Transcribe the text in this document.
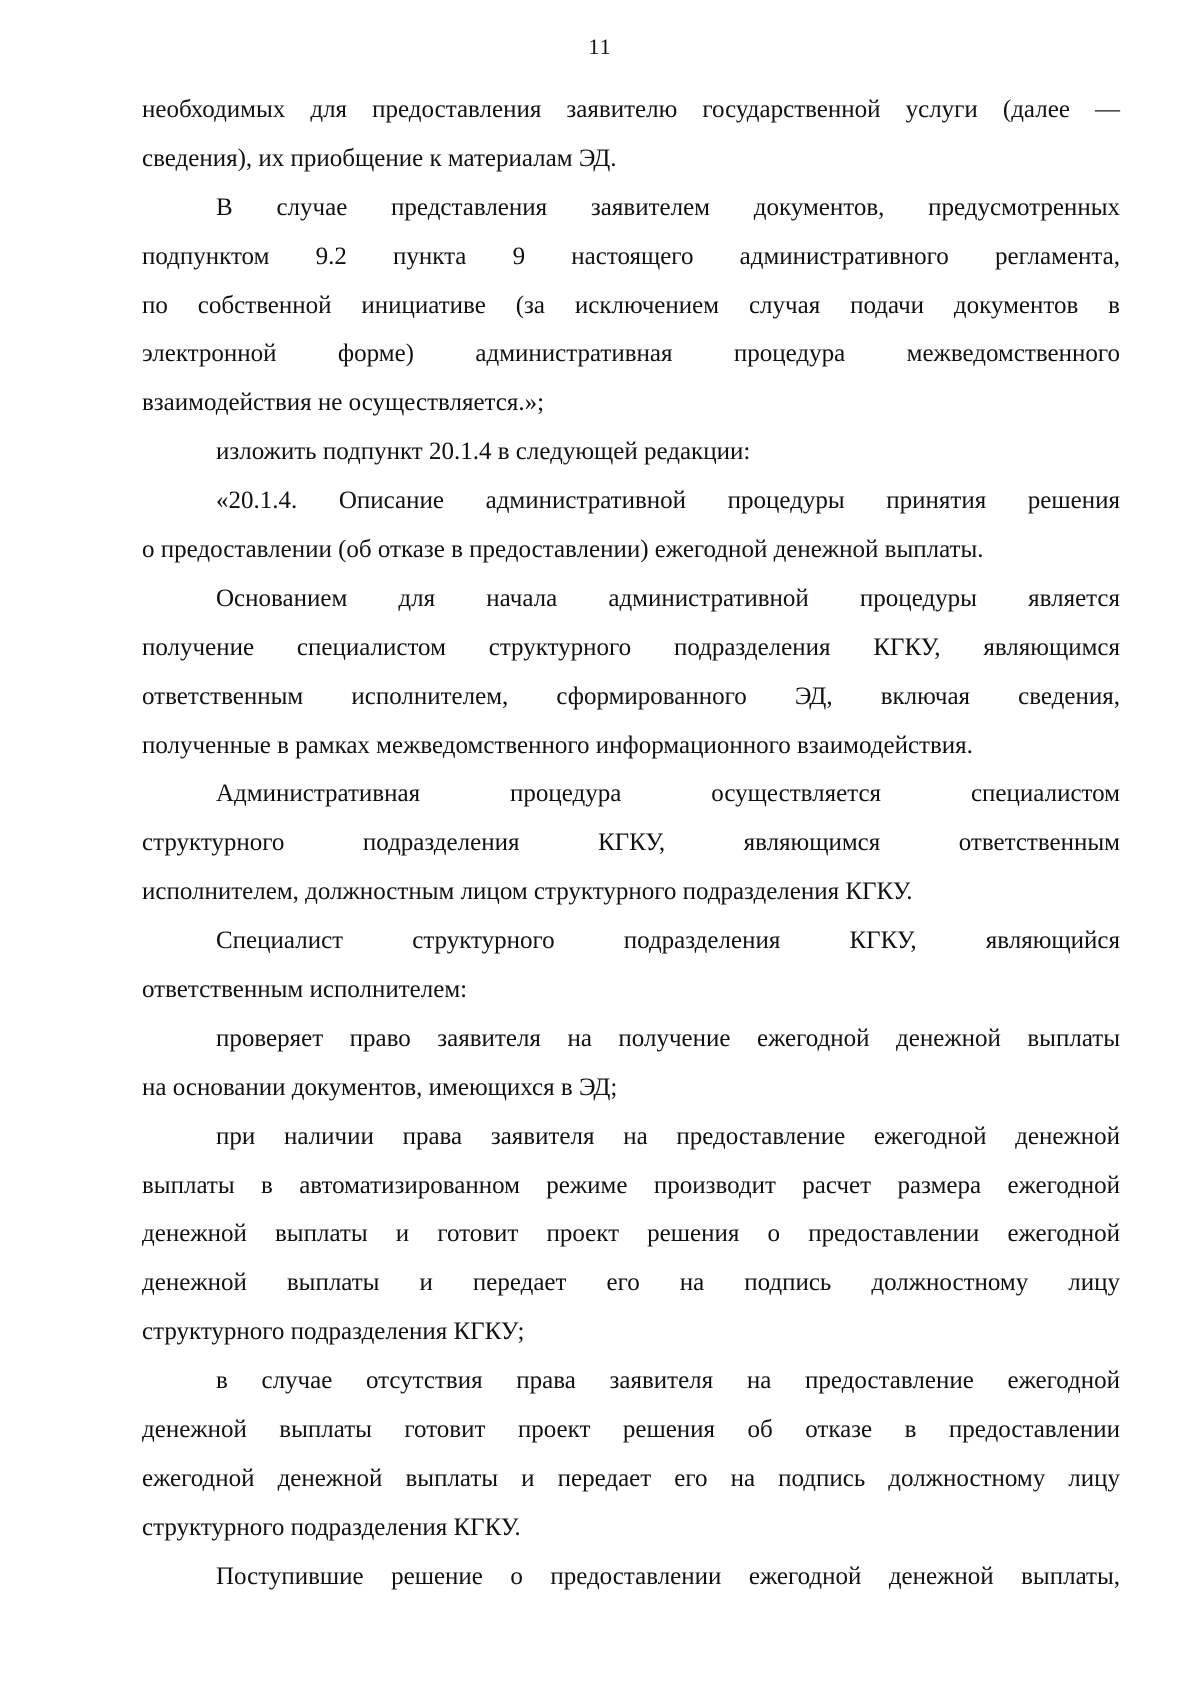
11
необходимых для предоставления заявителю государственной услуги (далее —
сведения), их приобщение к материалам ЭД.
В случае представления заявителем документов, предусмотренных
подпунктом 9.2 пункта 9 настоящего административного регламента,
по собственной инициативе (за исключением случая подачи документов в
электронной форме) административная процедура межведомственного
взаимодействия не осуществляется.»;
изложить подпункт 20.1.4 в следующей редакции:
«20.1.4. Описание административной процедуры принятия решения
о предоставлении (об отказе в предоставлении) ежегодной денежной выплаты.
Основанием для начала административной процедуры является
получение специалистом структурного подразделения КГКУ, являющимся
ответственным исполнителем, сформированного ЭД, включая сведения,
полученные в рамках межведомственного информационного взаимодействия.
Административная процедура осуществляется специалистом
структурного подразделения КГКУ, являющимся ответственным
исполнителем, должностным лицом структурного подразделения КГКУ.
Специалист структурного подразделения КГКУ, являющийся
ответственным исполнителем:
проверяет право заявителя на получение ежегодной денежной выплаты
на основании документов, имеющихся в ЭД;
при наличии права заявителя на предоставление ежегодной денежной
выплаты в автоматизированном режиме производит расчет размера ежегодной
денежной выплаты и готовит проект решения о предоставлении ежегодной
денежной выплаты и передает его на подпись должностному лицу
структурного подразделения КГКУ;
в случае отсутствия права заявителя на предоставление ежегодной
денежной выплаты готовит проект решения об отказе в предоставлении
ежегодной денежной выплаты и передает его на подпись должностному лицу
структурного подразделения КГКУ.
Поступившие решение о предоставлении ежегодной денежной выплаты,
